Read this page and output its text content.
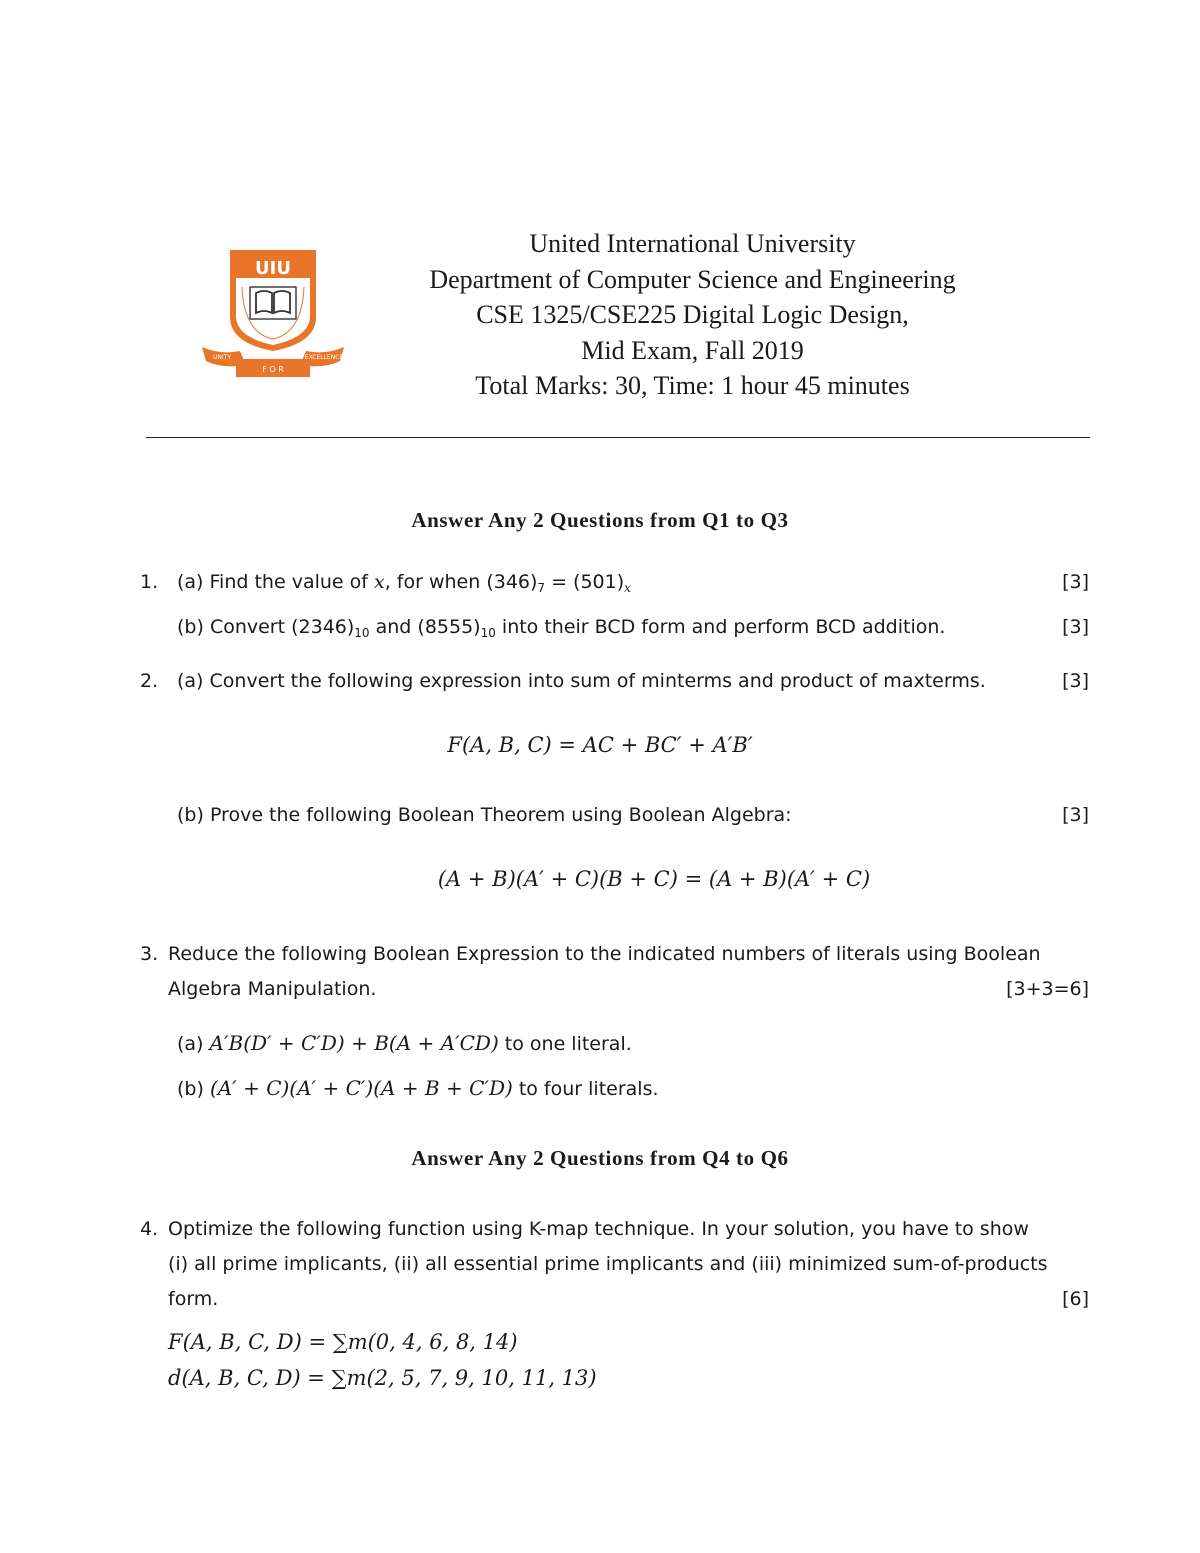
UIU
UNITY	EXCELLENCE
F O R
United International University
Department of Computer Science and Engineering
CSE 1325/CSE225 Digital Logic Design,
Mid Exam, Fall 2019
Total Marks: 30, Time: 1 hour 45 minutes
Answer Any 2 Questions from Q1 to Q3
1. (a) Find the value of x, for when $(346)_7 = (501)_x$	[3]
(b) Convert $(2346)_{10}$ and $(8555)_{10}$ into their BCD form and perform BCD addition.	[3]
2. (a) Convert the following expression into sum of minterms and product of maxterms.	[3]
F(A, B, C) = AC + BC′ + A′B′
(b) Prove the following Boolean Theorem using Boolean Algebra:	[3]
(A + B)(A′ + C)(B + C) = (A + B)(A′ + C)
3. Reduce the following Boolean Expression to the indicated numbers of literals using Boolean
Algebra Manipulation.	[3+3=6]
(a) A′B(D′ + C′D) + B(A + A′CD) to one literal.
(b) (A′ + C)(A′ + C′)(A + B + C′D) to four literals.
Answer Any 2 Questions from Q4 to Q6
4. Optimize the following function using K-map technique. In your solution, you have to show
(i) all prime implicants, (ii) all essential prime implicants and (iii) minimized sum-of-products
form.	[6]
F(A, B, C, D) = ∑m(0, 4, 6, 8, 14)
d(A, B, C, D) = ∑m(2, 5, 7, 9, 10, 11, 13)
